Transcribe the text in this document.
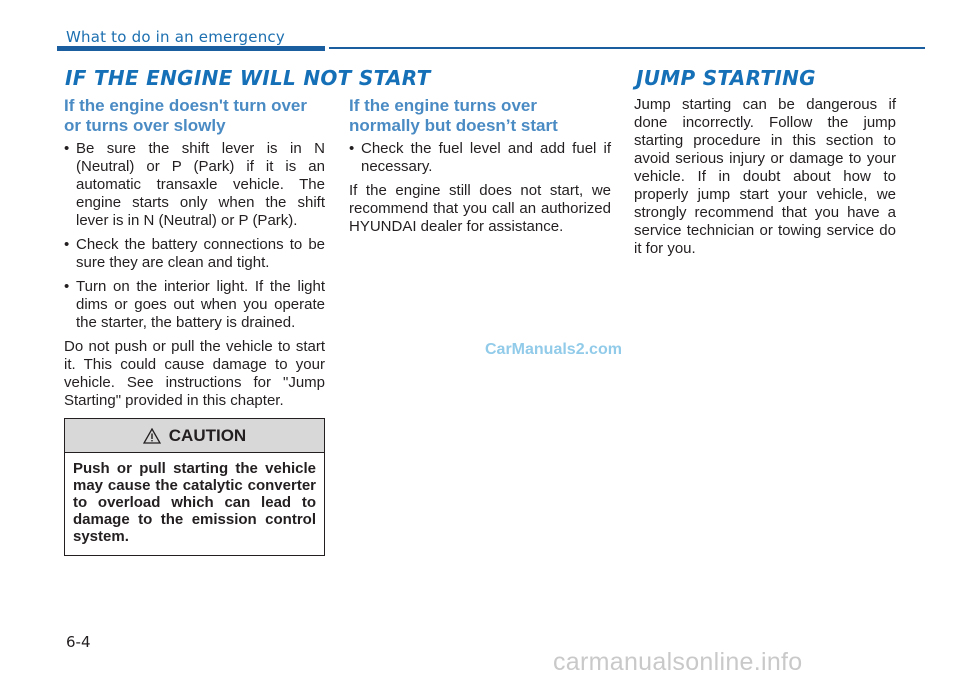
What to do in an emergency
IF THE ENGINE WILL NOT START	JUMP STARTING
If the engine doesn't turn over or turns over slowly
• Be sure the shift lever is in N (Neutral) or P (Park) if it is an automatic transaxle vehicle. The engine starts only when the shift lever is in N (Neutral) or P (Park).
• Check the battery connections to be sure they are clean and tight.
• Turn on the interior light. If the light dims or goes out when you operate the starter, the battery is drained.

Do not push or pull the vehicle to start it. This could cause damage to your vehicle. See instructions for "Jump Starting" provided in this chapter.

CAUTION
Push or pull starting the vehicle may cause the catalytic converter to overload which can lead to damage to the emission control system.
If the engine turns over normally but doesn’t start
• Check the fuel level and add fuel if necessary.

If the engine still does not start, we recommend that you call an authorized HYUNDAI dealer for assistance.

Jump starting can be dangerous if done incorrectly. Follow the jump starting procedure in this section to avoid serious injury or damage to your vehicle. If in doubt about how to properly jump start your vehicle, we strongly recommend that you have a service technician or towing service do it for you.

CarManuals2.com
6-4
carmanualsonline.info
